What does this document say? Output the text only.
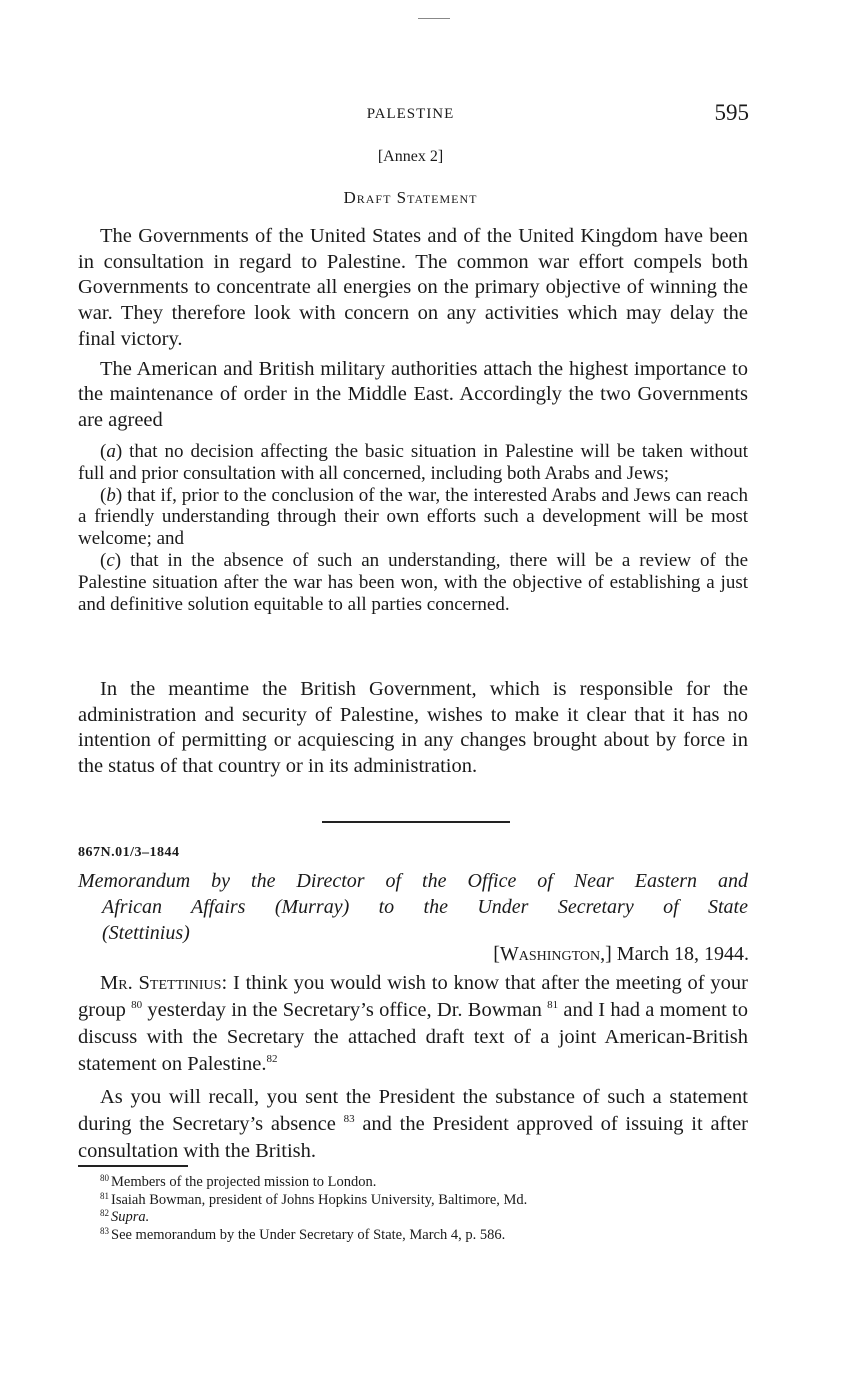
PALESTINE	595
[Annex 2]
Draft Statement

The Governments of the United States and of the United Kingdom have been in consultation in regard to Palestine. The common war effort compels both Governments to concentrate all energies on the primary objective of winning the war. They therefore look with concern on any activities which may delay the final victory.

The American and British military authorities attach the highest importance to the maintenance of order in the Middle East. Accordingly the two Governments are agreed

(a) that no decision affecting the basic situation in Palestine will be taken without full and prior consultation with all concerned, including both Arabs and Jews;

(b) that if, prior to the conclusion of the war, the interested Arabs and Jews can reach a friendly understanding through their own efforts such a development will be most welcome; and

(c) that in the absence of such an understanding, there will be a review of the Palestine situation after the war has been won, with the objective of establishing a just and definitive solution equitable to all parties concerned.

In the meantime the British Government, which is responsible for the administration and security of Palestine, wishes to make it clear that it has no intention of permitting or acquiescing in any changes brought about by force in the status of that country or in its administration.

867N.01/3–1844
Memorandum by the Director of the Office of Near Eastern and
African Affairs (Murray) to the Under Secretary of State
(Stettinius)
[Washington,] March 18, 1944.

Mr. Stettinius: I think you would wish to know that after the meeting of your group $^{80}$ yesterday in the Secretary’s office, Dr. Bowman $^{81}$ and I had a moment to discuss with the Secretary the attached draft text of a joint American-British statement on Palestine.$^{82}$

As you will recall, you sent the President the substance of such a statement during the Secretary’s absence $^{83}$ and the President approved of issuing it after consultation with the British.

$^{80}$ Members of the projected mission to London.
$^{81}$ Isaiah Bowman, president of Johns Hopkins University, Baltimore, Md.
$^{82}$ Supra.
$^{83}$ See memorandum by the Under Secretary of State, March 4, p. 586.
